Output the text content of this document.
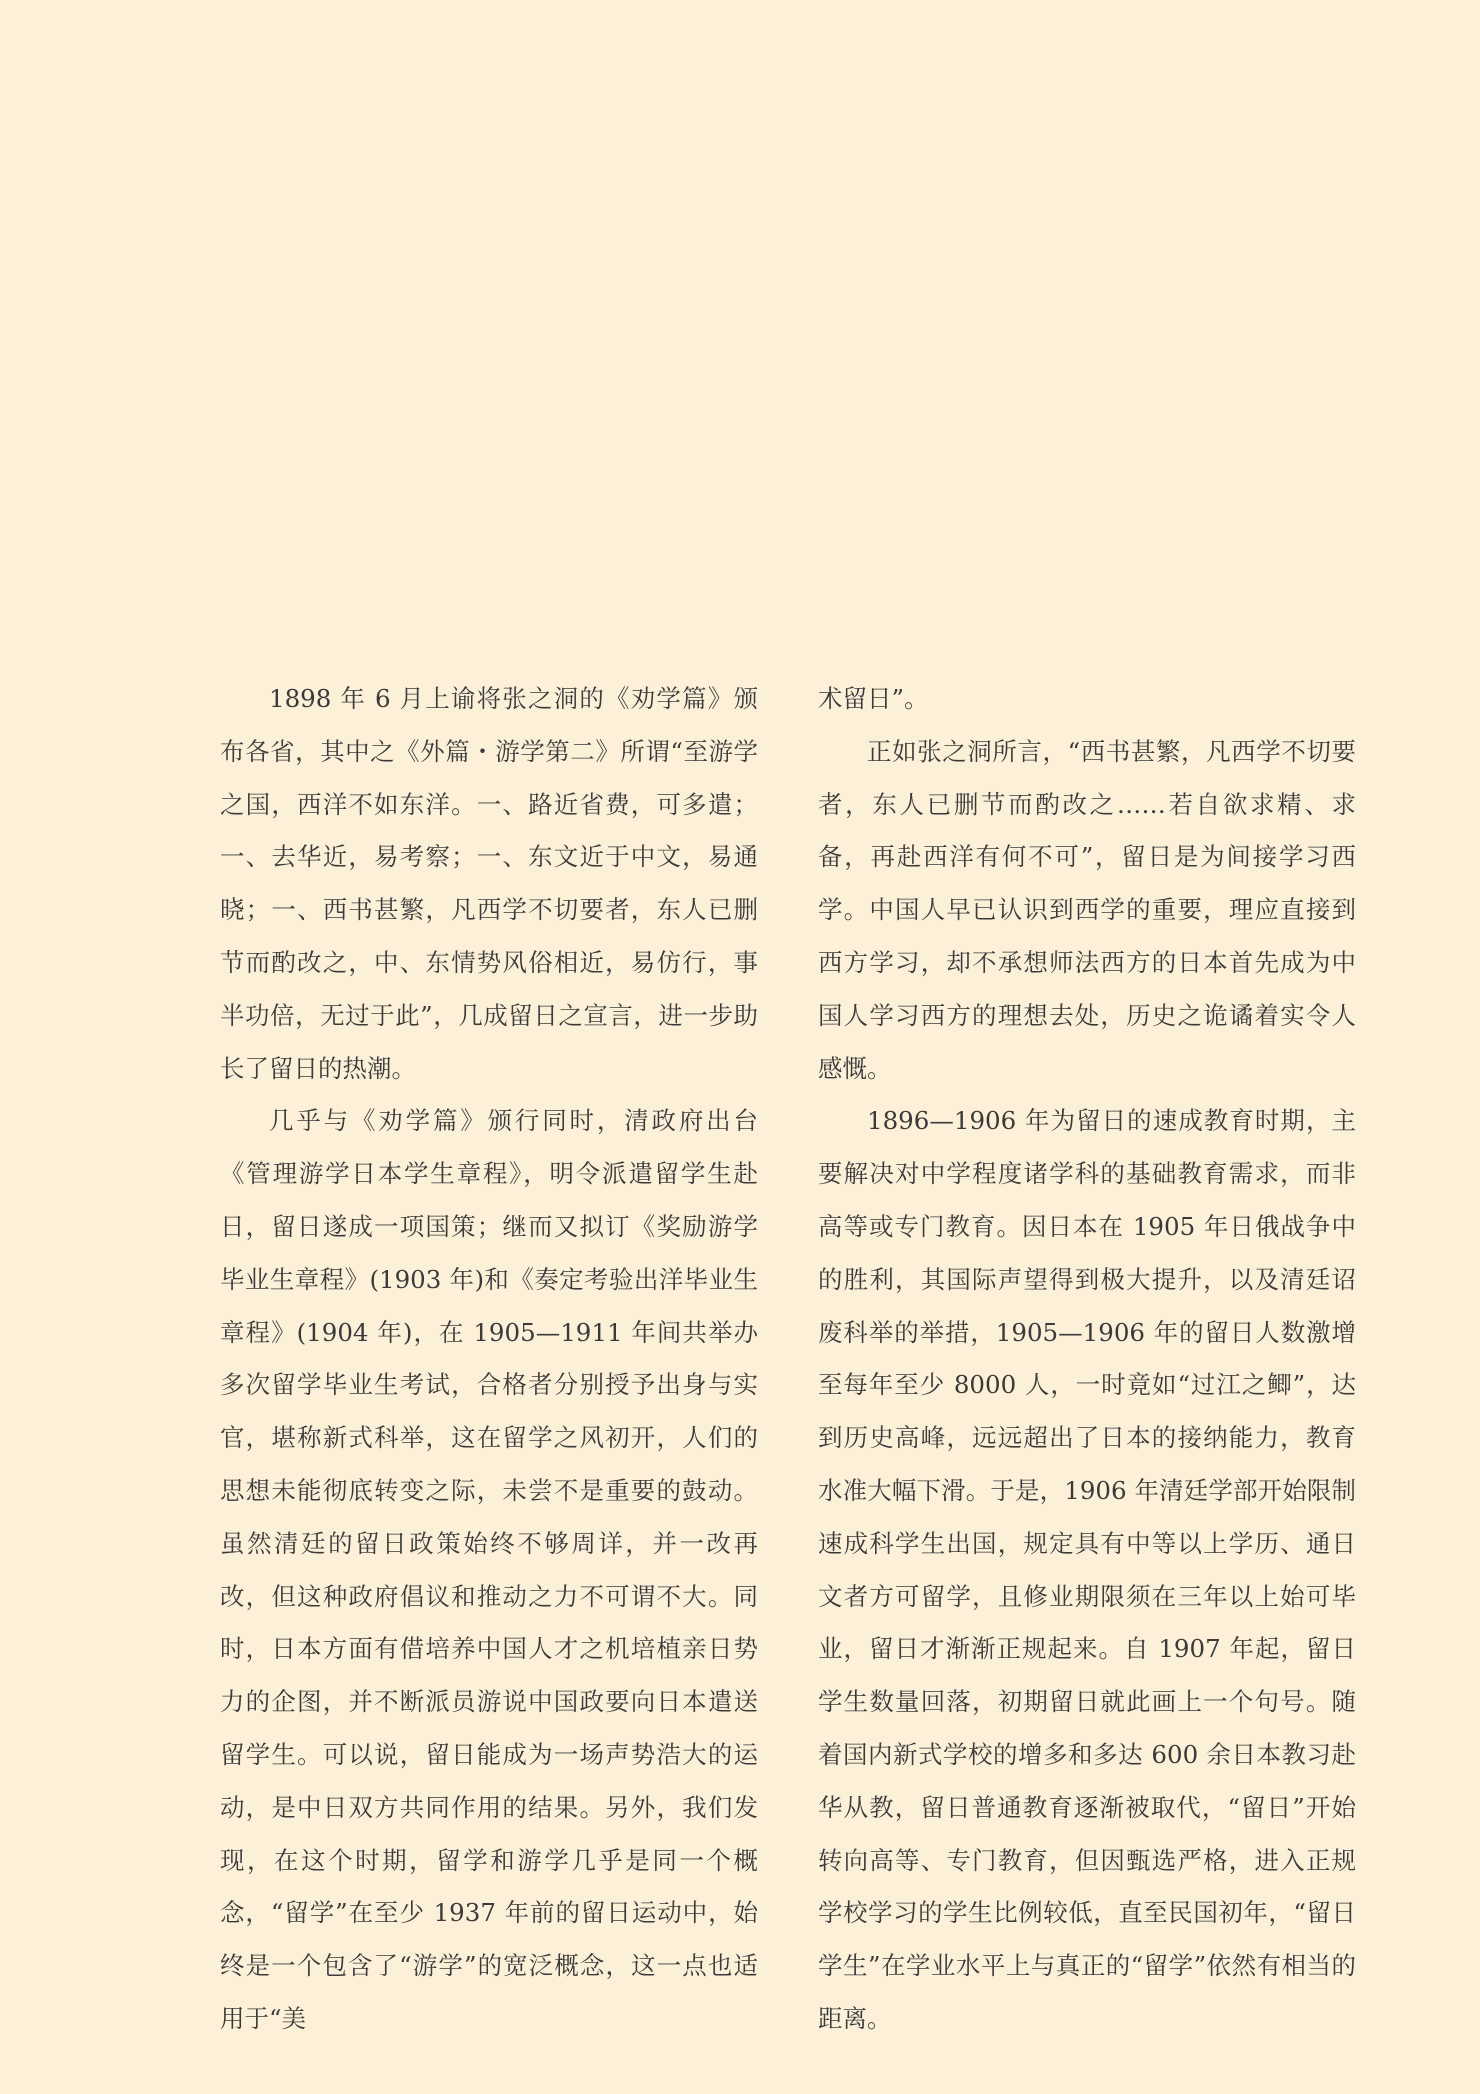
1898 年 6 月上谕将张之洞的《劝学篇》颁布各省，其中之《外篇・游学第二》所谓“至游学之国，西洋不如东洋。一、路近省费，可多遣；一、去华近，易考察；一、东文近于中文，易通晓；一、西书甚繁，凡西学不切要者，东人已删节而酌改之，中、东情势风俗相近，易仿行，事半功倍，无过于此”，几成留日之宣言，进一步助长了留日的热潮。

几乎与《劝学篇》颁行同时，清政府出台《管理游学日本学生章程》，明令派遣留学生赴日，留日遂成一项国策；继而又拟订《奖励游学毕业生章程》(1903 年)和《奏定考验出洋毕业生章程》(1904 年)，在 1905—1911 年间共举办多次留学毕业生考试，合格者分别授予出身与实官，堪称新式科举，这在留学之风初开，人们的思想未能彻底转变之际，未尝不是重要的鼓动。虽然清廷的留日政策始终不够周详，并一改再改，但这种政府倡议和推动之力不可谓不大。同时，日本方面有借培养中国人才之机培植亲日势力的企图，并不断派员游说中国政要向日本遣送留学生。可以说，留日能成为一场声势浩大的运动，是中日双方共同作用的结果。另外，我们发现，在这个时期，留学和游学几乎是同一个概念，“留学”在至少 1937 年前的留日运动中，始终是一个包含了“游学”的宽泛概念，这一点也适用于“美

术留日”。

正如张之洞所言，“西书甚繁，凡西学不切要者，东人已删节而酌改之……若自欲求精、求备，再赴西洋有何不可”，留日是为间接学习西学。中国人早已认识到西学的重要，理应直接到西方学习，却不承想师法西方的日本首先成为中国人学习西方的理想去处，历史之诡谲着实令人感慨。

1896—1906 年为留日的速成教育时期，主要解决对中学程度诸学科的基础教育需求，而非高等或专门教育。因日本在 1905 年日俄战争中的胜利，其国际声望得到极大提升，以及清廷诏废科举的举措，1905—1906 年的留日人数激增至每年至少 8000 人，一时竟如“过江之鲫”，达到历史高峰，远远超出了日本的接纳能力，教育水准大幅下滑。于是，1906 年清廷学部开始限制速成科学生出国，规定具有中等以上学历、通日文者方可留学，且修业期限须在三年以上始可毕业，留日才渐渐正规起来。自 1907 年起，留日学生数量回落，初期留日就此画上一个句号。随着国内新式学校的增多和多达 600 余日本教习赴华从教，留日普通教育逐渐被取代，“留日”开始转向高等、专门教育，但因甄选严格，进入正规学校学习的学生比例较低，直至民国初年，“留日学生”在学业水平上与真正的“留学”依然有相当的距离。
